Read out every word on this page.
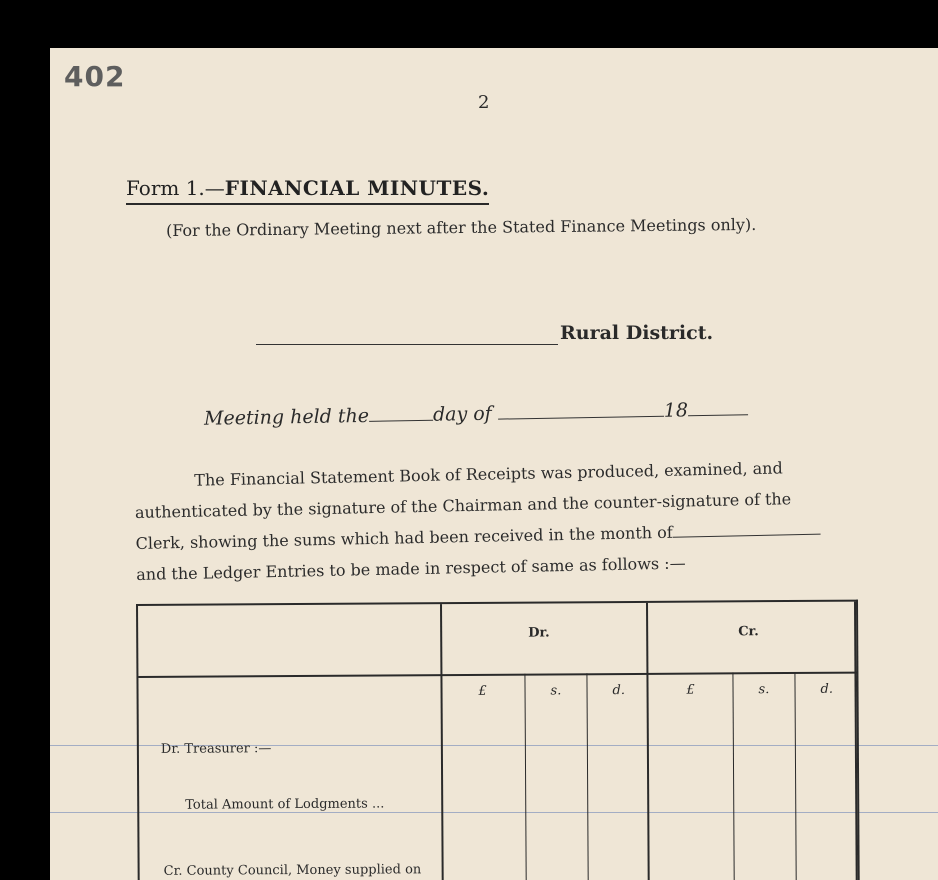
402
2
Form 1.—FINANCIAL MINUTES.
(For the Ordinary Meeting next after the Stated Finance Meetings only).
Rural District.
Meeting held the	day of	18
The Financial Statement Book of Receipts was produced, examined, and
authenticated by the signature of the Chairman and the counter-signature of the
Clerk, showing the sums which had been received in the month of
and the Ledger Entries to be made in respect of same as follows :—
Dr.	Cr.
£	s.	d.	£	s.	d.
Dr. Treasurer :—
Total Amount of Lodgments ...
Cr. County Council, Money supplied on
